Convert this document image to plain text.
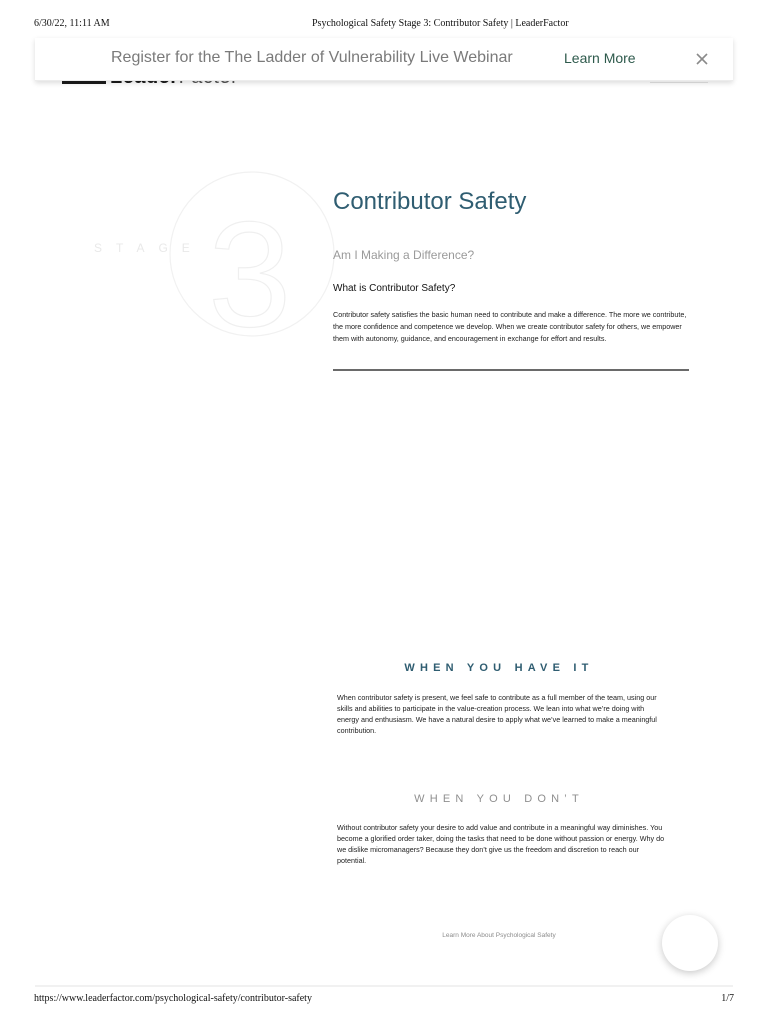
6/30/22, 11:11 AM	Psychological Safety Stage 3: Contributor Safety | LeaderFactor
Register for the The Ladder of Vulnerability Live Webinar	Learn More
STAGE 3 Contributor Safety
Am I Making a Difference?
What is Contributor Safety?
Contributor safety satisfies the basic human need to contribute and make a difference. The more we contribute, the more confidence and competence we develop. When we create contributor safety for others, we empower them with autonomy, guidance, and encouragement in exchange for effort and results.
WHEN YOU HAVE IT
When contributor safety is present, we feel safe to contribute as a full member of the team, using our skills and abilities to participate in the value-creation process. We lean into what we’re doing with energy and enthusiasm. We have a natural desire to apply what we’ve learned to make a meaningful contribution.
WHEN YOU DON’T
Without contributor safety your desire to add value and contribute in a meaningful way diminishes. You become a glorified order taker, doing the tasks that need to be done without passion or energy. Why do we dislike micromanagers? Because they don’t give us the freedom and discretion to reach our potential.
Learn More About Psychological Safety
https://www.leaderfactor.com/psychological-safety/contributor-safety	1/7
